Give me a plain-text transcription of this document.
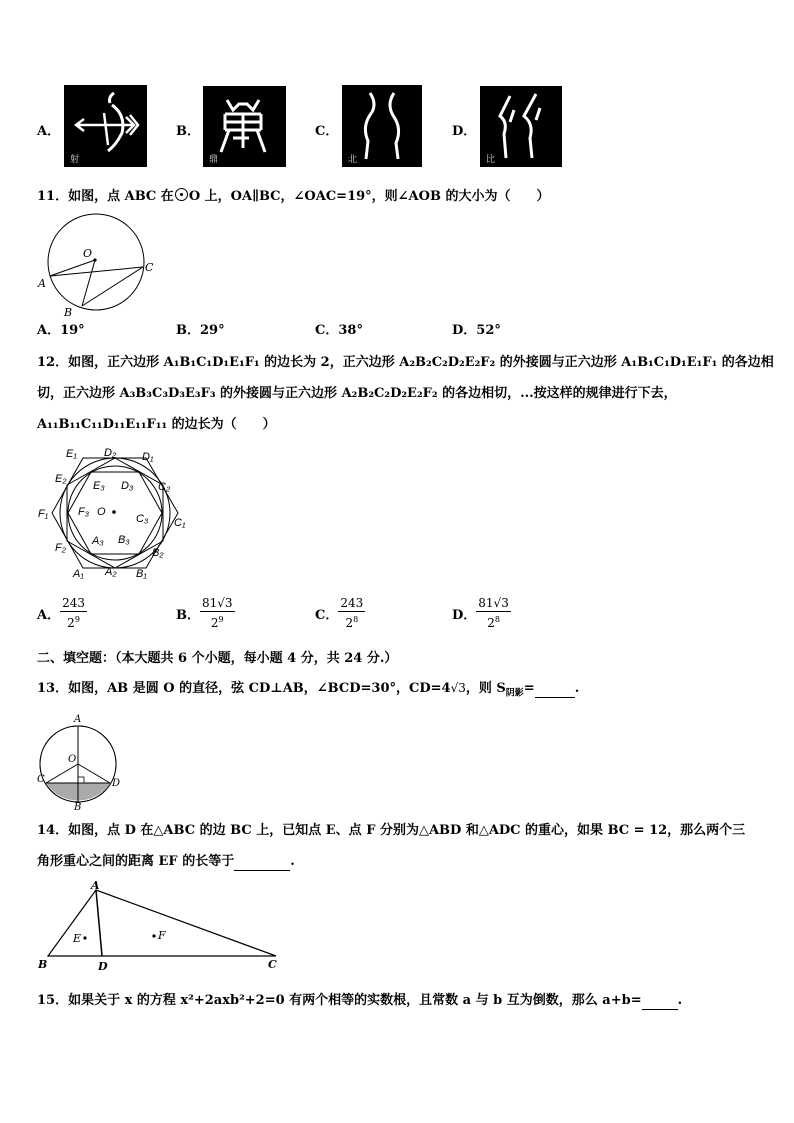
A．
射
B．
鼎
C．
北
D．
比
11．如图，点 ABC 在 O 上，OA∥BC，∠OAC=19°，则∠AOB 的大小为（　　）
O
A
B
C
A．19°	B．29°	C．38°	D．52°
12．如图，正六边形 A₁B₁C₁D₁E₁F₁ 的边长为 2，正六边形 A₂B₂C₂D₂E₂F₂ 的外接圆与正六边形 A₁B₁C₁D₁E₁F₁ 的各边相
切，正六边形 A₃B₃C₃D₃E₃F₃ 的外接圆与正六边形 A₂B₂C₂D₂E₂F₂ 的各边相切，...按这样的规律进行下去，
A₁₁B₁₁C₁₁D₁₁E₁₁F₁₁ 的边长为（　　）
D₂ D₁
E₁
E₂
E₃ D₃ C₂
F₁	F₃ O
C₃ C₁
F₂
A₃ B₃
B₂
A₁ A₂ B₁
A． $\frac{243}{2^9}$	B． $\frac{81√3}{2^9}$	C． $\frac{243}{2^8}$	D． $\frac{81√3}{2^8}$
二、填空题：（本大题共 6 个小题，每小题 4 分，共 24 分.）
13．如图，AB 是圆 O 的直径，弦 CD⊥AB，∠BCD=30°，CD=4√3，则 $S_{阴影}=$	.
A
O
C	D
B
14．如图，点 D 在△ABC 的边 BC 上，已知点 E、点 F 分别为△ABD 和△ADC 的重心，如果 BC = 12，那么两个三
角形重心之间的距离 EF 的长等于	.
A
E	F
B	D	C
15．如果关于 x 的方程 x²+2axb²+2=0 有两个相等的实数根，且常数 a 与 b 互为倒数，那么 a+b=	.
